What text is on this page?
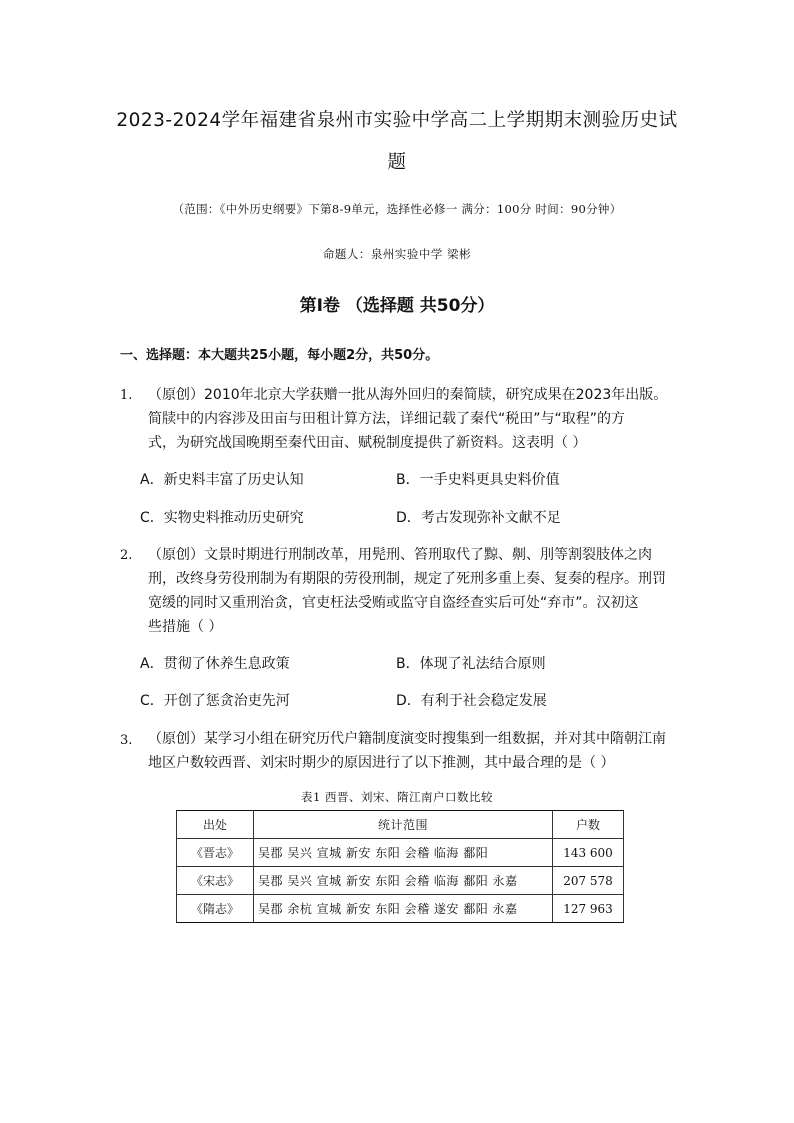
2023-2024学年福建省泉州市实验中学高二上学期期末测验历史试
题
（范围：《中外历史纲要》下第8-9单元，选择性必修一 满分：100分 时间：90分钟）
命题人：泉州实验中学 梁彬
第Ⅰ卷 （选择题 共50分）
一、选择题：本大题共25小题，每小题2分，共50分。
1. （原创）2010年北京大学获赠一批从海外回归的秦简牍，研究成果在2023年出版。
简牍中的内容涉及田亩与田租计算方法，详细记载了秦代“税田”与“取程”的方
式，为研究战国晚期至秦代田亩、赋税制度提供了新资料。这表明（ ）
A．新史料丰富了历史认知	B．一手史料更具史料价值
C．实物史料推动历史研究	D．考古发现弥补文献不足
2. （原创）文景时期进行刑制改革，用髡刑、笞刑取代了黥、劓、刖等割裂肢体之肉
刑，改终身劳役刑制为有期限的劳役刑制，规定了死刑多重上奏、复奏的程序。刑罚
宽缓的同时又重刑治贪，官吏枉法受贿或监守自盗经查实后可处“弃市”。汉初这
些措施（ ）
A．贯彻了休养生息政策	B．体现了礼法结合原则
C．开创了惩贪治吏先河	D．有利于社会稳定发展
3. （原创）某学习小组在研究历代户籍制度演变时搜集到一组数据，并对其中隋朝江南
地区户数较西晋、刘宋时期少的原因进行了以下推测，其中最合理的是（ ）
表1 西晋、刘宋、隋江南户口数比较
出处	统计范围	户数
《晋志》	吴郡 吴兴 宣城 新安 东阳 会稽 临海 鄱阳	143 600
《宋志》	吴郡 吴兴 宣城 新安 东阳 会稽 临海 鄱阳 永嘉	207 578
《隋志》	吴郡 余杭 宣城 新安 东阳 会稽 遂安 鄱阳 永嘉	127 963
